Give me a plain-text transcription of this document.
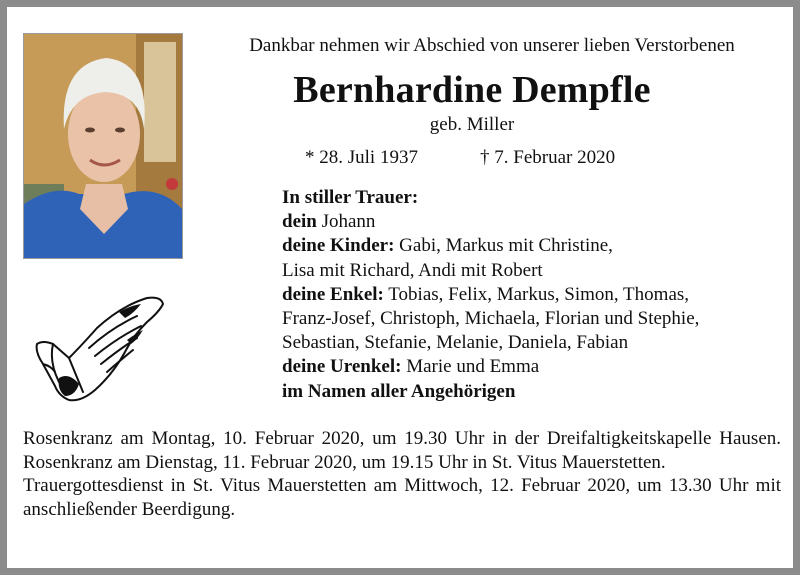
Dankbar nehmen wir Abschied von unserer lieben Verstorbenen
Bernhardine Dempfle
geb. Miller
* 28. Juli 1937	† 7. Februar 2020
In stiller Trauer:
dein Johann
deine Kinder: Gabi, Markus mit Christine,
Lisa mit Richard, Andi mit Robert
deine Enkel: Tobias, Felix, Markus, Simon, Thomas,
Franz-Josef, Christoph, Michaela, Florian und Stephie,
Sebastian, Stefanie, Melanie, Daniela, Fabian
deine Urenkel: Marie und Emma
im Namen aller Angehörigen

Rosenkranz am Montag, 10. Februar 2020, um 19.30 Uhr in der Dreifaltigkeitskapelle Hausen. Rosenkranz am Dienstag, 11. Februar 2020, um 19.15 Uhr in St. Vitus Mauerstetten.

Trauergottesdienst in St. Vitus Mauerstetten am Mittwoch, 12. Februar 2020, um 13.30 Uhr mit anschließender Beerdigung.
